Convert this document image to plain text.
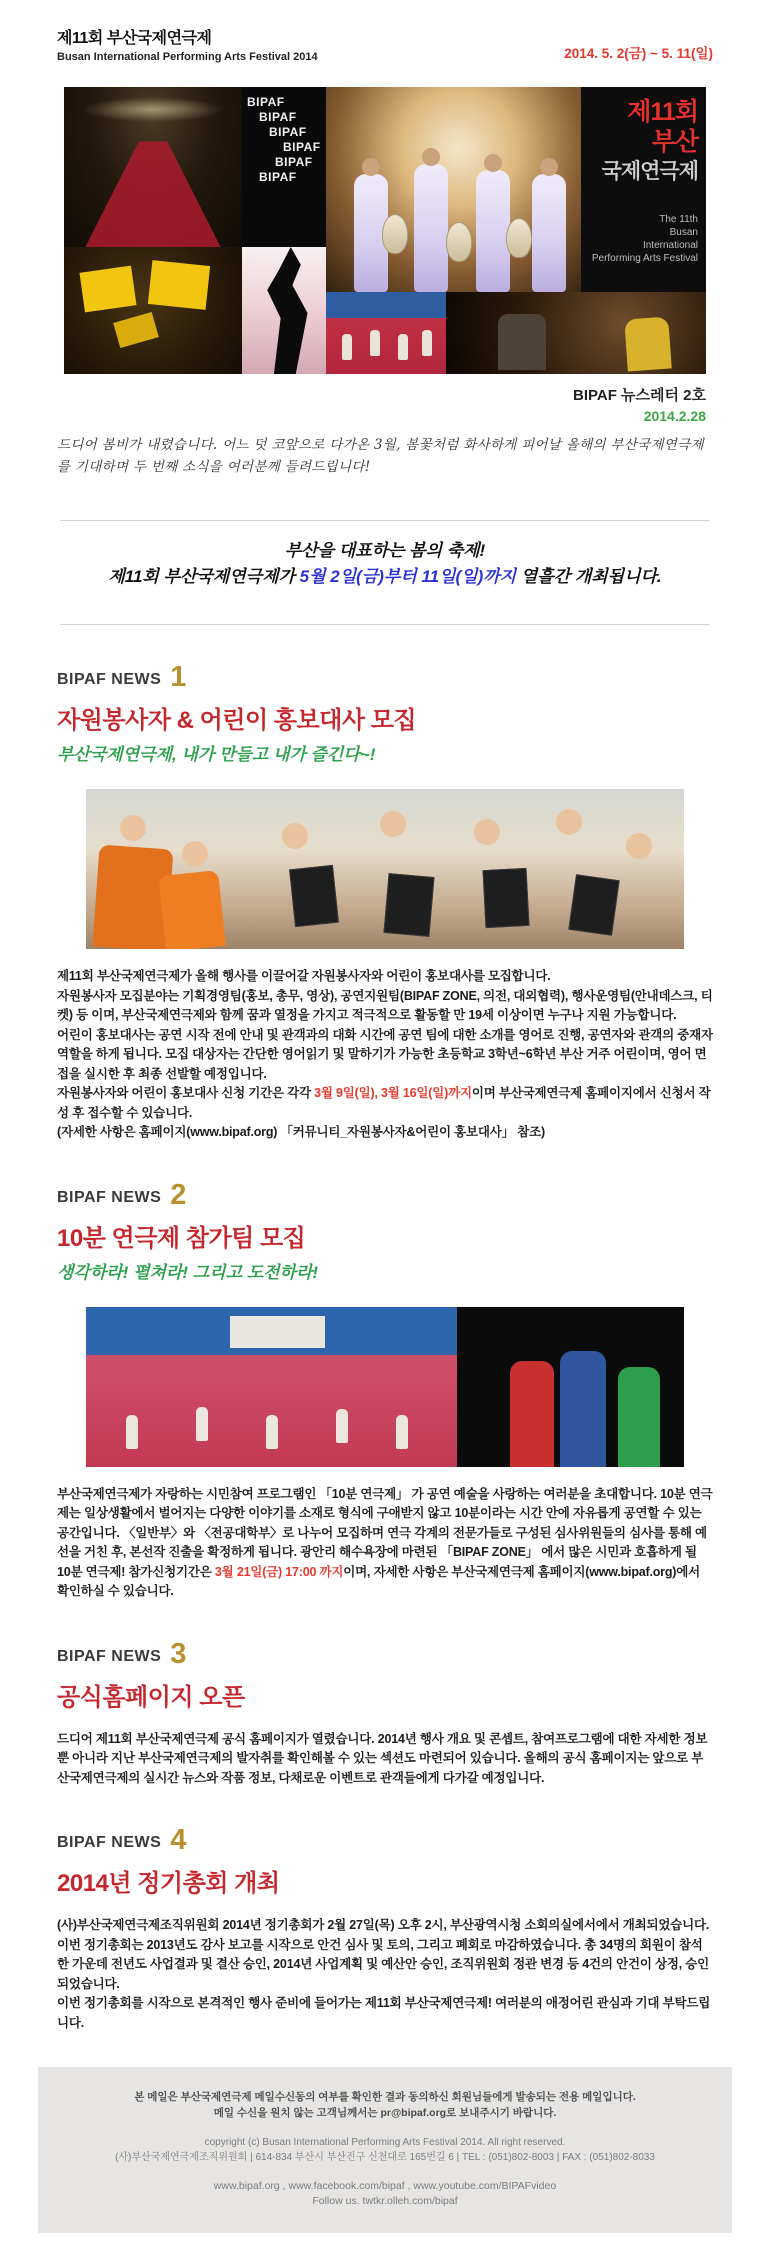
제11회 부산국제연극제
Busan International Performing Arts Festival 2014	2014. 5. 2(금) ~ 5. 11(일)
BIPAF
BIPAF
BIPAF
BIPAF
BIPAF
BIPAF
제11회
부산
국제연극제
The 11th
Busan
International
Performing Arts Festival
BIPAF 뉴스레터 2호
2014.2.28

드디어 봄비가 내렸습니다. 어느 덧 코앞으로 다가온 3월, 봄꽃처럼 화사하게 피어날 올해의 부산국제연극제를 기대하며 두 번째 소식을 여러분께 들려드립니다!

부산을 대표하는 봄의 축제!
제11회 부산국제연극제가 5월 2일(금)부터 11일(일)까지 열흘간 개최됩니다.
BIPAF NEWS 1
자원봉사자 & 어린이 홍보대사 모집
부산국제연극제, 내가 만들고 내가 즐긴다~!
제11회 부산국제연극제가 올해 행사를 이끌어갈 자원봉사자와 어린이 홍보대사를 모집합니다.
자원봉사자 모집분야는 기획경영팀(홍보, 총무, 영상), 공연지원팀(BIPAF ZONE, 의전, 대외협력), 행사운영팀(안내데스크, 티켓) 등 이며, 부산국제연극제와 함께 꿈과 열정을 가지고 적극적으로 활동할 만 19세 이상이면 누구나 지원 가능합니다.
어린이 홍보대사는 공연 시작 전에 안내 및 관객과의 대화 시간에 공연 팀에 대한 소개를 영어로 진행, 공연자와 관객의 중재자 역할을 하게 됩니다. 모집 대상자는 간단한 영어읽기 및 말하기가 가능한 초등학교 3학년~6학년 부산 거주 어린이며, 영어 면접을 실시한 후 최종 선발할 예정입니다.
자원봉사자와 어린이 홍보대사 신청 기간은 각각 3월 9일(일), 3월 16일(일)까지이며 부산국제연극제 홈페이지에서 신청서 작성 후 접수할 수 있습니다.
(자세한 사항은 홈페이지(www.bipaf.org) 「커뮤니티_자원봉사자&어린이 홍보대사」 참조)
BIPAF NEWS 2
10분 연극제 참가팀 모집
생각하라! 펼쳐라! 그리고 도전하라!
부산국제연극제가 자랑하는 시민참여 프로그램인 「10분 연극제」 가 공연 예술을 사랑하는 여러분을 초대합니다. 10분 연극제는 일상생활에서 벌어지는 다양한 이야기를 소재로 형식에 구애받지 않고 10분이라는 시간 안에 자유롭게 공연할 수 있는 공간입니다. 〈일반부〉와 〈전공대학부〉로 나누어 모집하며 연극 각계의 전문가들로 구성된 심사위원들의 심사를 통해 예선을 거친 후, 본선작 진출을 확정하게 됩니다. 광안리 해수욕장에 마련된 「BIPAF ZONE」 에서 많은 시민과 호흡하게 될 10분 연극제! 참가신청기간은 3월 21일(금) 17:00 까지이며, 자세한 사항은 부산국제연극제 홈페이지(www.bipaf.org)에서 확인하실 수 있습니다.
BIPAF NEWS 3
공식홈페이지 오픈
드디어 제11회 부산국제연극제 공식 홈페이지가 열렸습니다. 2014년 행사 개요 및 콘셉트, 참여프로그램에 대한 자세한 정보 뿐 아니라 지난 부산국제연극제의 발자취를 확인해볼 수 있는 섹션도 마련되어 있습니다. 올해의 공식 홈페이지는 앞으로 부산국제연극제의 실시간 뉴스와 작품 정보, 다채로운 이벤트로 관객들에게 다가갈 예정입니다.
BIPAF NEWS 4
2014년 정기총회 개최
(사)부산국제연극제조직위원회 2014년 정기총회가 2월 27일(목) 오후 2시, 부산광역시청 소회의실에서에서 개최되었습니다. 이번 정기총회는 2013년도 감사 보고를 시작으로 안건 심사 및 토의, 그리고 폐회로 마감하였습니다. 총 34명의 회원이 참석한 가운데 전년도 사업결과 및 결산 승인, 2014년 사업계획 및 예산안 승인, 조직위원회 정관 변경 등 4건의 안건이 상정, 승인되었습니다.
이번 정기총회를 시작으로 본격적인 행사 준비에 들어가는 제11회 부산국제연극제! 여러분의 애정어린 관심과 기대 부탁드립니다.
본 메일은 부산국제연극제 메일수신동의 여부를 확인한 결과 동의하신 회원님들에게 발송되는 전용 메일입니다.
메일 수신을 원치 않는 고객님께서는 pr@bipaf.org로 보내주시기 바랍니다.
copyright (c) Busan International Performing Arts Festival 2014. All right reserved.
(사)부산국제연극제조직위원회 | 614-834 부산시 부산진구 신천대로 165번길 6 | TEL : (051)802-8003 | FAX : (051)802-8033
www.bipaf.org , www.facebook.com/bipaf , www.youtube.com/BIPAFvideo
Follow us. twtkr.olleh.com/bipaf
